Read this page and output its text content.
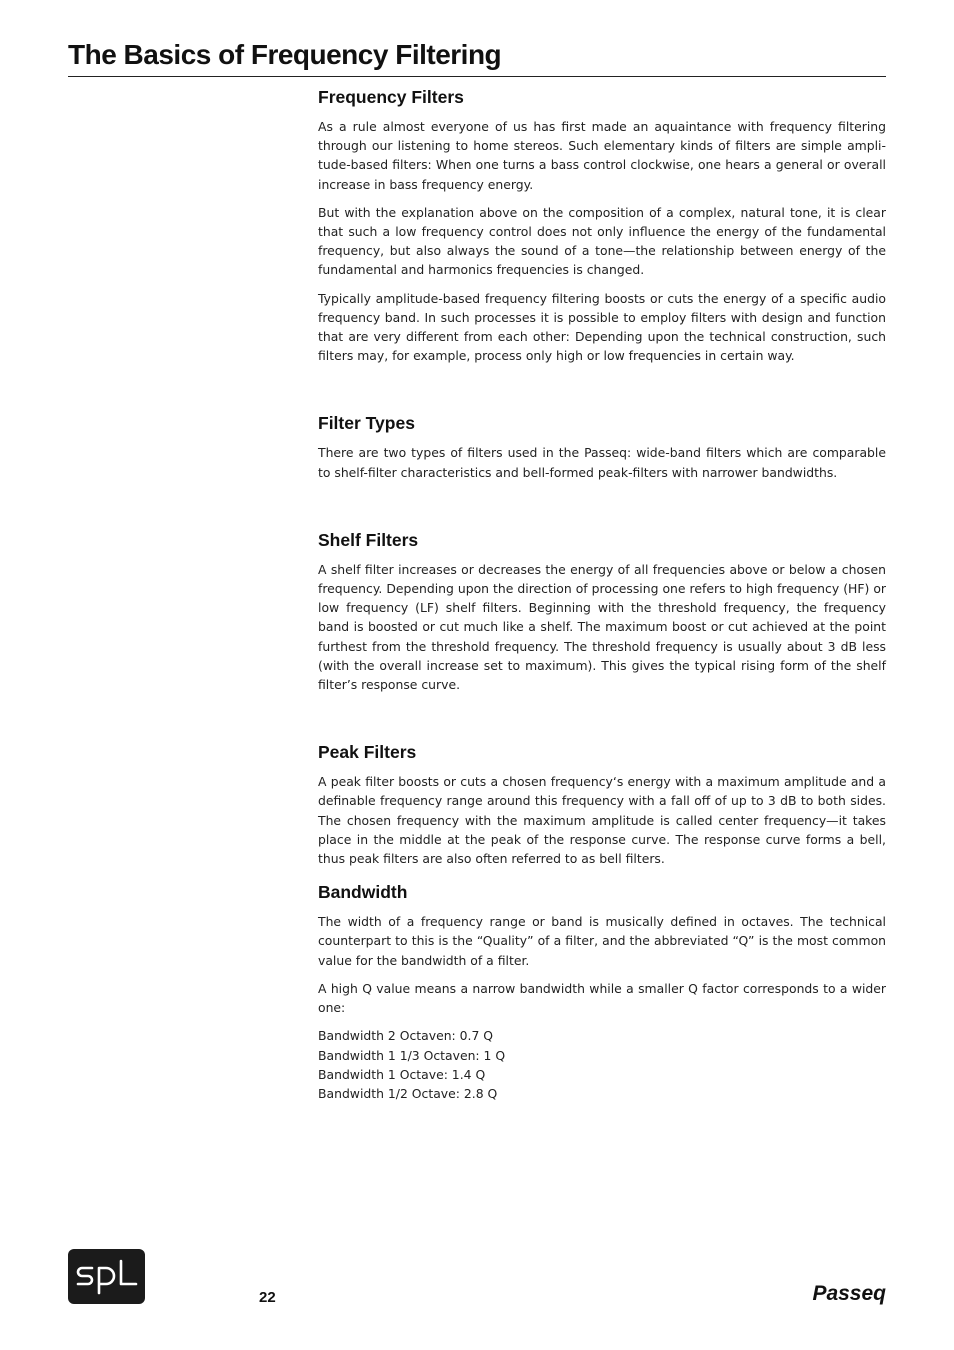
The Basics of Frequency Filtering
Frequency Filters

As a rule almost everyone of us has first made an aquaintance with frequency filtering through our listening to home stereos. Such elementary kinds of filters are simple amplitude-based filters: When one turns a bass control clockwise, one hears a general or overall increase in bass frequency energy.

But with the explanation above on the composition of a complex, natural tone, it is clear that such a low frequency control does not only influence the energy of the fundamental frequency, but also always the sound of a tone—the relationship between energy of the fundamental and harmonics frequencies is changed.

Typically amplitude-based frequency filtering boosts or cuts the energy of a specific audio frequency band. In such processes it is possible to employ filters with design and function that are very different from each other: Depending upon the technical construction, such filters may, for example, process only high or low frequencies in certain way.

Filter Types

There are two types of filters used in the Passeq: wide-band filters which are comparable to shelf-filter characteristics and bell-formed peak-filters with narrower bandwidths.

Shelf Filters

A shelf filter increases or decreases the energy of all frequencies above or below a chosen frequency. Depending upon the direction of processing one refers to high frequency (HF) or low frequency (LF) shelf filters. Beginning with the threshold frequency, the frequency band is boosted or cut much like a shelf. The maximum boost or cut achieved at the point furthest from the threshold frequency. The threshold frequency is usually about 3 dB less (with the overall increase set to maximum). This gives the typical rising form of the shelf filter’s response curve.

Peak Filters

A peak filter boosts or cuts a chosen frequency‘s energy with a maximum amplitude and a definable frequency range around this frequency with a fall off of up to 3 dB to both sides. The chosen frequency with the maximum amplitude is called center frequency—it takes place in the middle at the peak of the response curve. The response curve forms a bell, thus peak filters are also often referred to as bell filters.

Bandwidth

The width of a frequency range or band is musically defined in octaves. The technical counterpart to this is the “Quality” of a filter, and the abbreviated “Q” is the most common value for the bandwidth of a filter.

A high Q value means a narrow bandwidth while a smaller Q factor corresponds to a wider one:

Bandwidth 2 Octaven: 0.7 Q
Bandwidth 1 1/3 Octaven: 1 Q
Bandwidth 1 Octave: 1.4 Q
Bandwidth 1/2 Octave: 2.8 Q
22	Passeq
